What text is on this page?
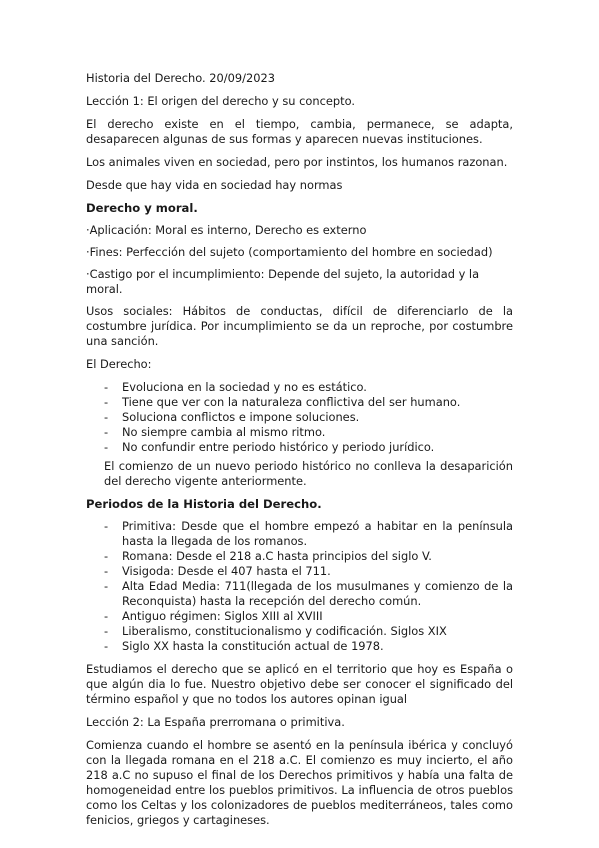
Historia del Derecho. 20/09/2023

Lección 1: El origen del derecho y su concepto.

El derecho existe en el tiempo, cambia, permanece, se adapta, desaparecen algunas de sus formas y aparecen nuevas instituciones.

Los animales viven en sociedad, pero por instintos, los humanos razonan.

Desde que hay vida en sociedad hay normas

Derecho y moral.

·Aplicación: Moral es interno, Derecho es externo

·Fines: Perfección del sujeto (comportamiento del hombre en sociedad)

·Castigo por el incumplimiento: Depende del sujeto, la autoridad y la moral.

Usos sociales: Hábitos de conductas, difícil de diferenciarlo de la costumbre jurídica. Por incumplimiento se da un reproche, por costumbre una sanción.

El Derecho:

- Evoluciona en la sociedad y no es estático.
- Tiene que ver con la naturaleza conflictiva del ser humano.
- Soluciona conflictos e impone soluciones.
- No siempre cambia al mismo ritmo.
- No confundir entre periodo histórico y periodo jurídico.

El comienzo de un nuevo periodo histórico no conlleva la desaparición del derecho vigente anteriormente.

Periodos de la Historia del Derecho.
- Primitiva: Desde que el hombre empezó a habitar en la península hasta la llegada de los romanos.
- Romana: Desde el 218 a.C hasta principios del siglo V.
- Visigoda: Desde el 407 hasta el 711.
- Alta Edad Media: 711(llegada de los musulmanes y comienzo de la Reconquista) hasta la recepción del derecho común.
- Antiguo régimen: Siglos XIII al XVIII
- Liberalismo, constitucionalismo y codificación. Siglos XIX
- Siglo XX hasta la constitución actual de 1978.

Estudiamos el derecho que se aplicó en el territorio que hoy es España o que algún dia lo fue. Nuestro objetivo debe ser conocer el significado del término español y que no todos los autores opinan igual

Lección 2: La España prerromana o primitiva.

Comienza cuando el hombre se asentó en la península ibérica y concluyó con la llegada romana en el 218 a.C. El comienzo es muy incierto, el año 218 a.C no supuso el final de los Derechos primitivos y había una falta de homogeneidad entre los pueblos primitivos. La influencia de otros pueblos como los Celtas y los colonizadores de pueblos mediterráneos, tales como fenicios, griegos y cartagineses.
